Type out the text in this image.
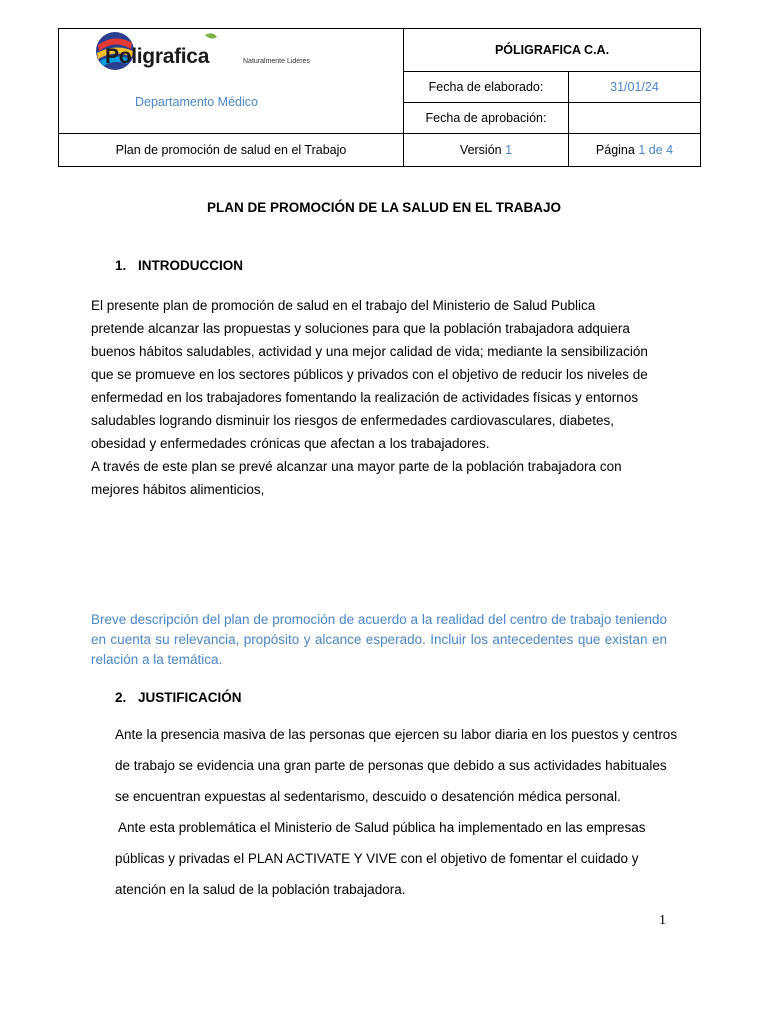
Poligrafica Naturalmente Lideres
Departamento Médico	PÓLIGRAFICA C.A.	
	Fecha de elaborado:	31/01/24
	Fecha de aprobación:	
Plan de promoción de salud en el Trabajo	Versión 1	Página 1 de 4
PLAN DE PROMOCIÓN DE LA SALUD EN EL TRABAJO
1. INTRODUCCION

El presente plan de promoción de salud en el trabajo del Ministerio de Salud Publica

pretende alcanzar las propuestas y soluciones para que la población trabajadora adquiera

buenos hábitos saludables, actividad y una mejor calidad de vida; mediante la sensibilización

que se promueve en los sectores públicos y privados con el objetivo de reducir los niveles de

enfermedad en los trabajadores fomentando la realización de actividades físicas y entornos

saludables logrando disminuir los riesgos de enfermedades cardiovasculares, diabetes,

obesidad y enfermedades crónicas que afectan a los trabajadores.

A través de este plan se prevé alcanzar una mayor parte de la población trabajadora con

mejores hábitos alimenticios,

Breve descripción del plan de promoción de acuerdo a la realidad del centro de trabajo teniendo en cuenta su relevancia, propósito y alcance esperado. Incluir los antecedentes que existan en relación a la temática.
2. JUSTIFICACIÓN

Ante la presencia masiva de las personas que ejercen su labor diaria en los puestos y centros

de trabajo se evidencia una gran parte de personas que debido a sus actividades habituales

se encuentran expuestas al sedentarismo, descuido o desatención médica personal.

Ante esta problemática el Ministerio de Salud pública ha implementado en las empresas

públicas y privadas el PLAN ACTIVATE Y VIVE con el objetivo de fomentar el cuidado y

atención en la salud de la población trabajadora.

1
